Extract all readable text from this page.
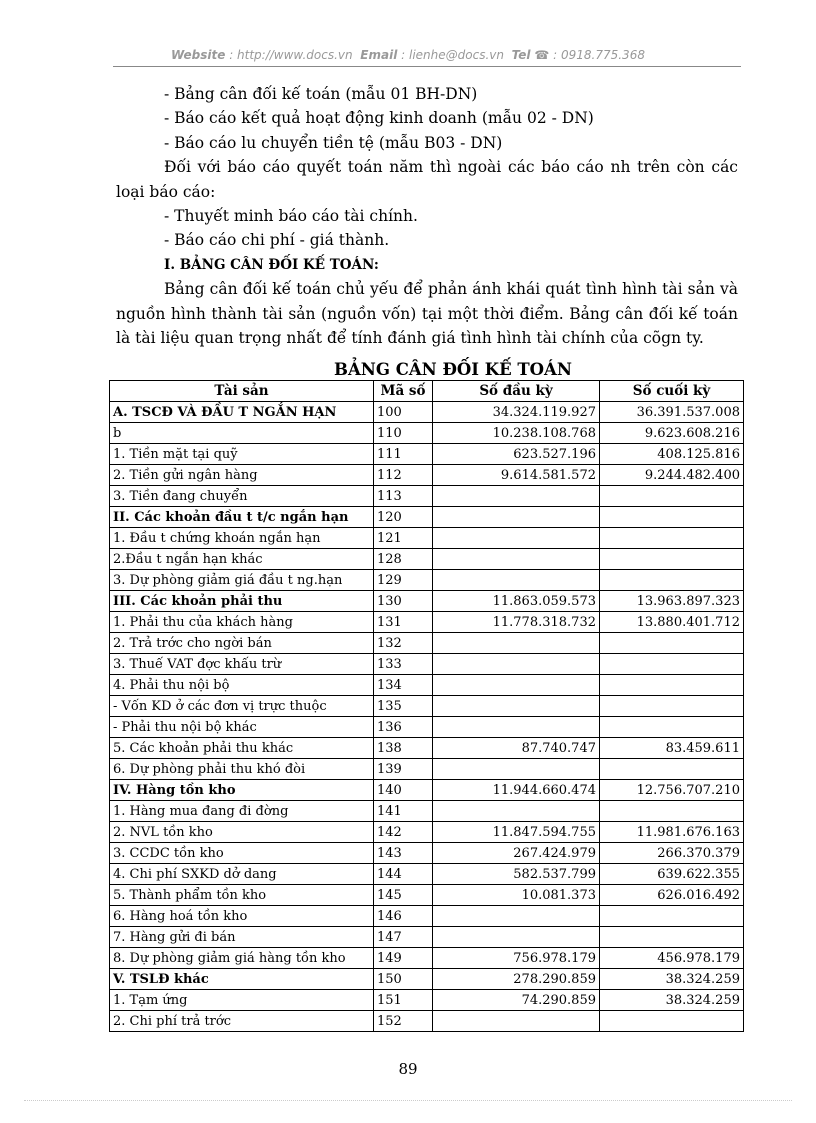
Website : http://www.docs.vn Email : lienhe@docs.vn Tel ☎ : 0918.775.368

- Bảng cân đối kế toán (mẫu 01 BH-DN)

- Báo cáo kết quả hoạt động kinh doanh (mẫu 02 - DN)

- Báo cáo lu chuyển tiền tệ (mẫu B03 - DN)

Đối với báo cáo quyết toán năm thì ngoài các báo cáo nh trên còn các loại báo cáo:

- Thuyết minh báo cáo tài chính.

- Báo cáo chi phí - giá thành.

I. BẢNG CÂN ĐỐI KẾ TOÁN:

Bảng cân đối kế toán chủ yếu để phản ánh khái quát tình hình tài sản và nguồn hình thành tài sản (nguồn vốn) tại một thời điểm. Bảng cân đối kế toán là tài liệu quan trọng nhất để tính đánh giá tình hình tài chính của cõgn ty.

BẢNG CÂN ĐỐI KẾ TOÁN
Tài sản	Mã số	Số đầu kỳ	Số cuối kỳ
A. TSCĐ VÀ ĐẦU T NGẮN HẠN	100	34.324.119.927	36.391.537.008
b	110	10.238.108.768	9.623.608.216
1. Tiền mặt tại quỹ	111	623.527.196	408.125.816
2. Tiền gửi ngân hàng	112	9.614.581.572	9.244.482.400
3. Tiền đang chuyển	113		
II. Các khoản đầu t t/c ngắn hạn	120		
1. Đầu t chứng khoán ngắn hạn	121		
2.Đầu t ngắn hạn khác	128		
3. Dự phòng giảm giá đầu t ng.hạn	129		
III. Các khoản phải thu	130	11.863.059.573	13.963.897.323
1. Phải thu của khách hàng	131	11.778.318.732	13.880.401.712
2. Trả trớc cho ngời bán	132		
3. Thuế VAT đợc khấu trừ	133		
4. Phải thu nội bộ	134		
- Vốn KD ở các đơn vị trực thuộc	135		
- Phải thu nội bộ khác	136		
5. Các khoản phải thu khác	138	87.740.747	83.459.611
6. Dự phòng phải thu khó đòi	139		
IV. Hàng tồn kho	140	11.944.660.474	12.756.707.210
1. Hàng mua đang đi đờng	141		
2. NVL tồn kho	142	11.847.594.755	11.981.676.163
3. CCDC tồn kho	143	267.424.979	266.370.379
4. Chi phí SXKD dở dang	144	582.537.799	639.622.355
5. Thành phẩm tồn kho	145	10.081.373	626.016.492
6. Hàng hoá tồn kho	146		
7. Hàng gửi đi bán	147		
8. Dự phòng giảm giá hàng tồn kho	149	756.978.179	456.978.179
V. TSLĐ khác	150	278.290.859	38.324.259
1. Tạm ứng	151	74.290.859	38.324.259
2. Chi phí trả trớc	152		
89
